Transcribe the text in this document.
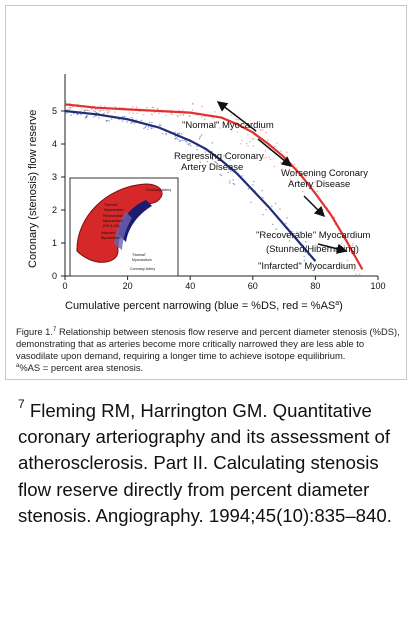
0	20	40	60	80	100
0
1
2
3
4
5
"Normal" Myocardium
Regressing Coronary
Artery Disease
Worsening Coronary
Artery Disease
"Recoverable" Myocardium
(Stunned/Hibernating)
"Infarcted" Myocardium
Coronary Artery
"Normal"
Myocardium
Recoverable
Myocardium
(SH & SA)
Infarcted
Myocardium
"Normal"
Myocardium
Coronary Artery
Coronary (stenosis) flow reserve
Cumulative percent narrowing (blue = %DS, red = $\%AS^a$)

Figure 1.$^7$ Relationship between stenosis flow reserve and percent diameter stenosis (%DS), demonstrating that as arteries become more critically narrowed they are less able to vasodilate upon demand, requiring a longer time to achieve isotope equilibrium.

$^a$%AS = percent area stenosis.

$^7$ Fleming RM, Harrington GM. Quantitative coronary arteriography and its assessment of atherosclerosis. Part II. Calculating stenosis flow reserve directly from percent diameter stenosis. Angiography. 1994;45(10):835–840.
